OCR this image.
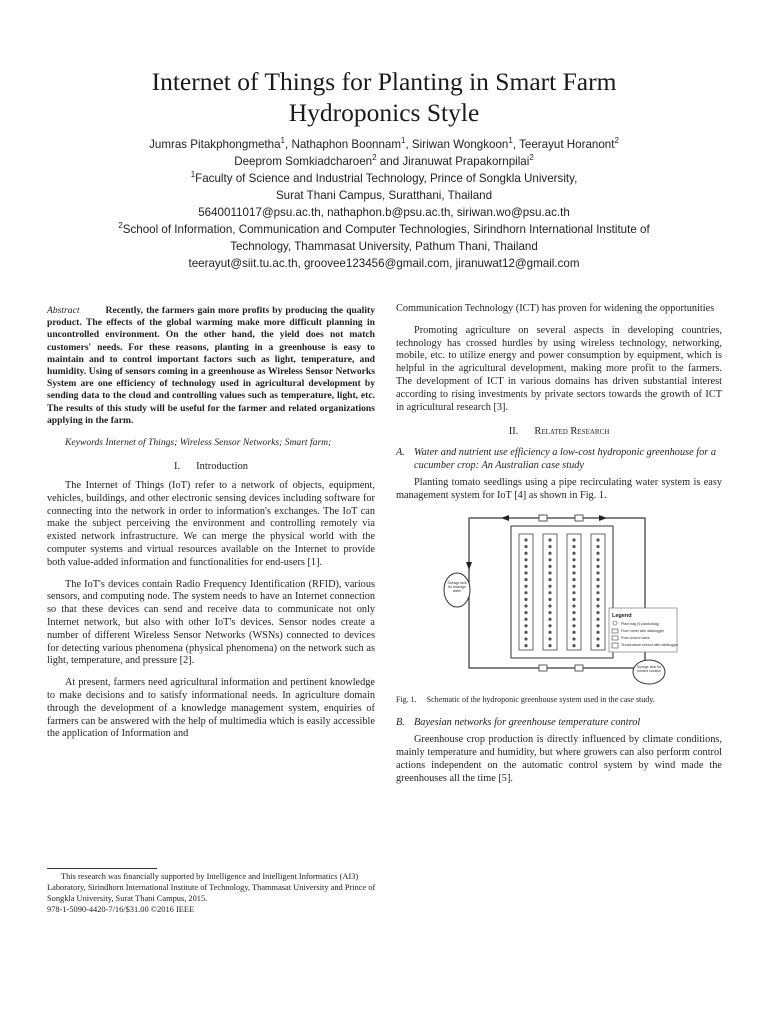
Internet of Things for Planting in Smart Farm
Hydroponics Style
Jumras Pitakphongmetha$^1$, Nathaphon Boonnam$^1$, Siriwan Wongkoon$^1$, Teerayut Horanont$^2$
Deeprom Somkiadcharoen$^2$ and Jiranuwat Prapakornpilai$^2$
$^1$Faculty of Science and Industrial Technology, Prince of Songkla University,
Surat Thani Campus, Suratthani, Thailand
5640011017@psu.ac.th, nathaphon.b@psu.ac.th, siriwan.wo@psu.ac.th
$^2$School of Information, Communication and Computer Technologies, Sirindhorn International Institute of
Technology, Thammasat University, Pathum Thani, Thailand
teerayut@siit.tu.ac.th, groovee123456@gmail.com, jiranuwat12@gmail.com

Abstract	Recently, the farmers gain more profits by producing the quality product. The effects of the global warming make more difficult planning in uncontrolled environment. On the other hand, the yield does not match customers' needs. For these reasons, planting in a greenhouse is easy to maintain and to control important factors such as light, temperature, and humidity. Using of sensors coming in a greenhouse as Wireless Sensor Networks System are one efficiency of technology used in agricultural development by sending data to the cloud and controlling values such as temperature, light, etc. The results of this study will be useful for the farmer and related organizations applying in the farm.

Keywords Internet of Things; Wireless Sensor Networks; Smart farm;

I. Introduction

The Internet of Things (IoT) refer to a network of objects, equipment, vehicles, buildings, and other electronic sensing devices including software for connecting into the network in order to information's exchanges. The IoT can make the subject perceiving the environment and controlling remotely via existed network infrastructure. We can merge the physical world with the computer systems and virtual resources available on the Internet to provide both value-added information and functionalities for end-users [1].

The IoT's devices contain Radio Frequency Identification (RFID), various sensors, and computing node. The system needs to have an Internet connection so that these devices can send and receive data to communicate not only Internet network, but also with other IoT's devices. Sensor nodes create a number of different Wireless Sensor Networks (WSNs) connected to devices for detecting various phenomena (physical phenomena) on the network such as light, temperature, and pressure [2].

At present, farmers need agricultural information and pertinent knowledge to make decisions and to satisfy informational needs. In agriculture domain through the development of a knowledge management system, enquiries of farmers can be answered with the help of multimedia which is easily accessible the application of Information and

Communication Technology (ICT) has proven for widening the opportunities

Promoting agriculture on several aspects in developing countries, technology has crossed hurdles by using wireless technology, networking, mobile, etc. to utilize energy and power consumption by equipment, which is helpful in the agricultural development, making more profit to the farmers. The development of ICT in various domains has driven substantial interest according to rising investments by private sectors towards the growth of ICT in agricultural research [3].

II. Related Research
A. Water and nutrient use efficiency a low-cost hydroponic greenhouse for a cucumber crop: An Australian case study

Planting tomato seedlings using a pipe recirculating water system is easy management system for IoT [4] as shown in Fig. 1.

Legend
Plant bag (6 plants/bag)
Flow meter with datalogger
Flow control valve
Temperature sensor with datalogger
Storage tank for drainage water
Storage tank for nutrient solution
Fig. 1. Schematic of the hydroponic greenhouse system used in the case study.
B. Bayesian networks for greenhouse temperature control

Greenhouse crop production is directly influenced by climate conditions, mainly temperature and humidity, but where growers can also perform control actions independent on the automatic control system by wind made the greenhouses all the time [5].

This research was financially supported by Intelligence and Intelligent Informatics (AI3) Laboratory, Sirindhorn International Institute of Technology, Thammasat University and Prince of Songkla University, Surat Thani Campus, 2015.
978-1-5090-4420-7/16/$31.00 ©2016 IEEE
